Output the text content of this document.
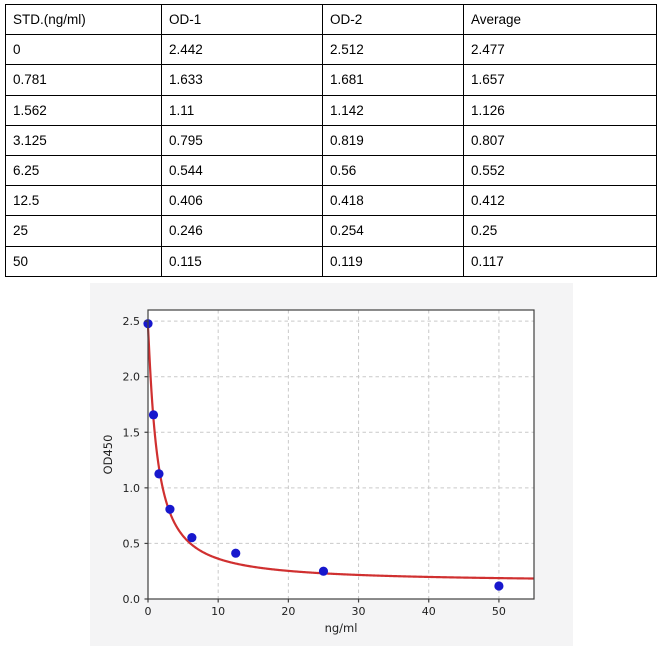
STD.(ng/ml)	OD-1	OD-2	Average
0	2.442	2.512	2.477
0.781	1.633	1.681	1.657
1.562	1.11	1.142	1.126
3.125	0.795	0.819	0.807
6.25	0.544	0.56	0.552
12.5	0.406	0.418	0.412
25	0.246	0.254	0.25
50	0.115	0.119	0.117
0	10	20	30	40	50
0.0
0.5
1.0
1.5
2.0
2.5
ng/ml
OD450
